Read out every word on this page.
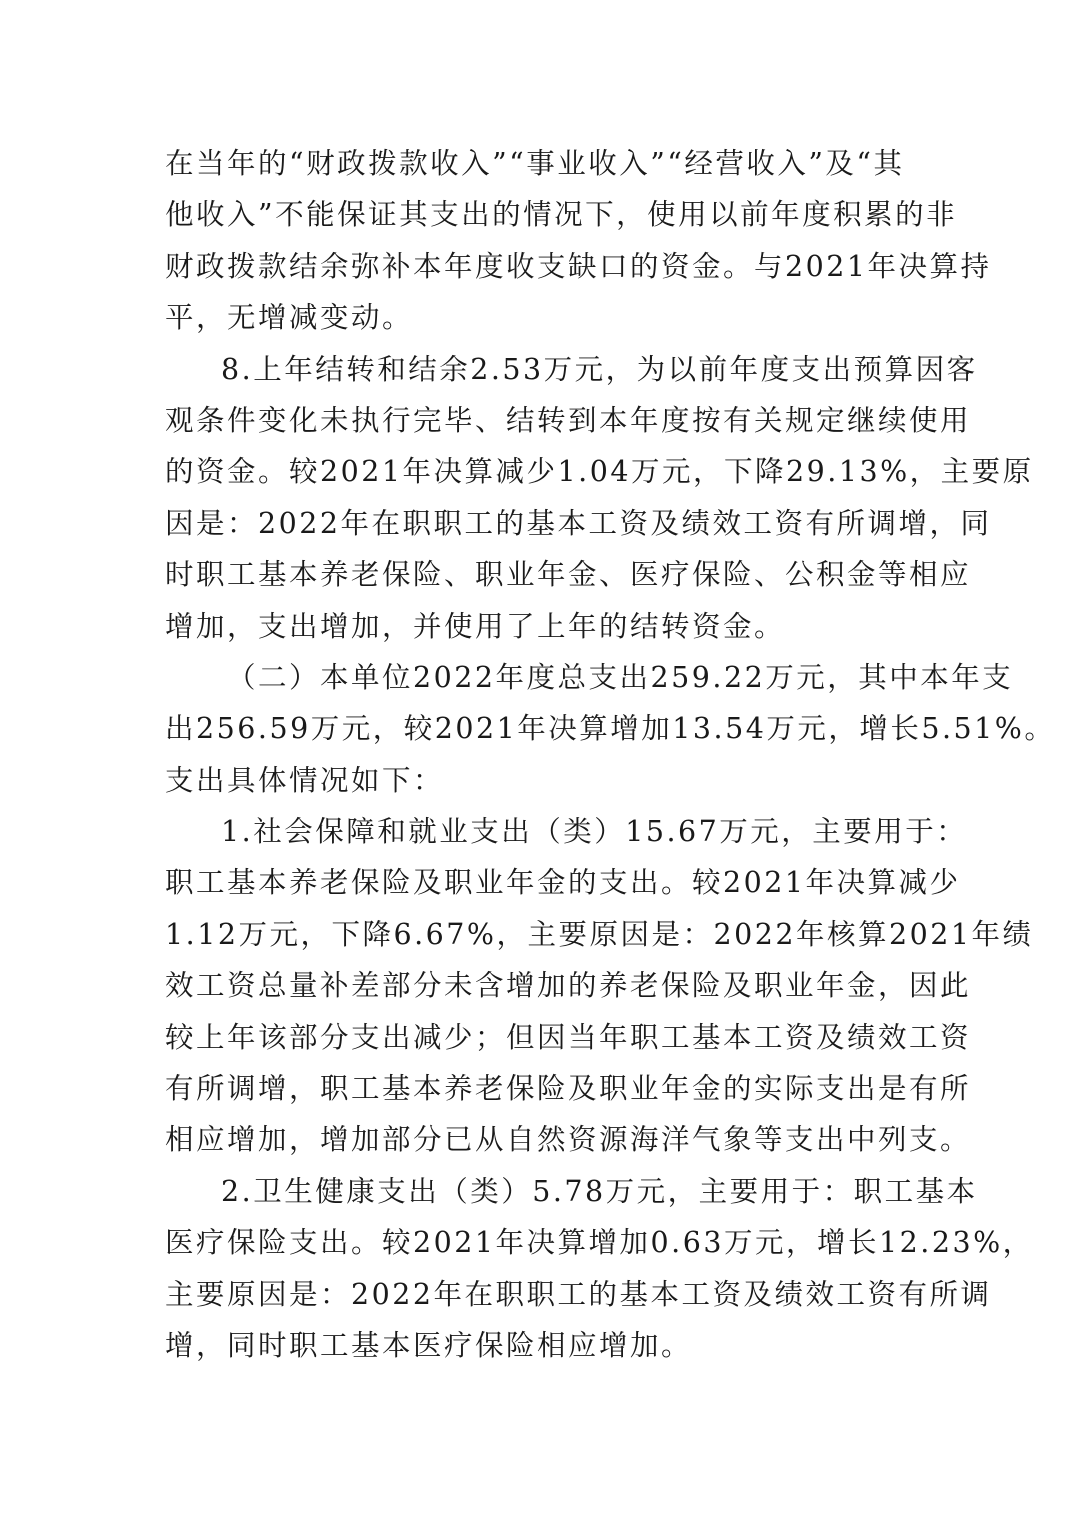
在当年的“财政拨款收入”“事业收入”“经营收入”及“其
他收入”不能保证其支出的情况下，使用以前年度积累的非
财政拨款结余弥补本年度收支缺口的资金。与2021年决算持
平，无增减变动。
8.上年结转和结余2.53万元，为以前年度支出预算因客
观条件变化未执行完毕、结转到本年度按有关规定继续使用
的资金。较2021年决算减少1.04万元，下降29.13%，主要原
因是：2022年在职职工的基本工资及绩效工资有所调增，同
时职工基本养老保险、职业年金、医疗保险、公积金等相应
增加，支出增加，并使用了上年的结转资金。
（二）本单位2022年度总支出259.22万元，其中本年支
出256.59万元，较2021年决算增加13.54万元，增长5.51%。
支出具体情况如下：
1.社会保障和就业支出（类）15.67万元，主要用于：
职工基本养老保险及职业年金的支出。较2021年决算减少
1.12万元，下降6.67%，主要原因是：2022年核算2021年绩
效工资总量补差部分未含增加的养老保险及职业年金，因此
较上年该部分支出减少；但因当年职工基本工资及绩效工资
有所调增，职工基本养老保险及职业年金的实际支出是有所
相应增加，增加部分已从自然资源海洋气象等支出中列支。
2.卫生健康支出（类）5.78万元，主要用于：职工基本
医疗保险支出。较2021年决算增加0.63万元，增长12.23%，
主要原因是：2022年在职职工的基本工资及绩效工资有所调
增，同时职工基本医疗保险相应增加。
